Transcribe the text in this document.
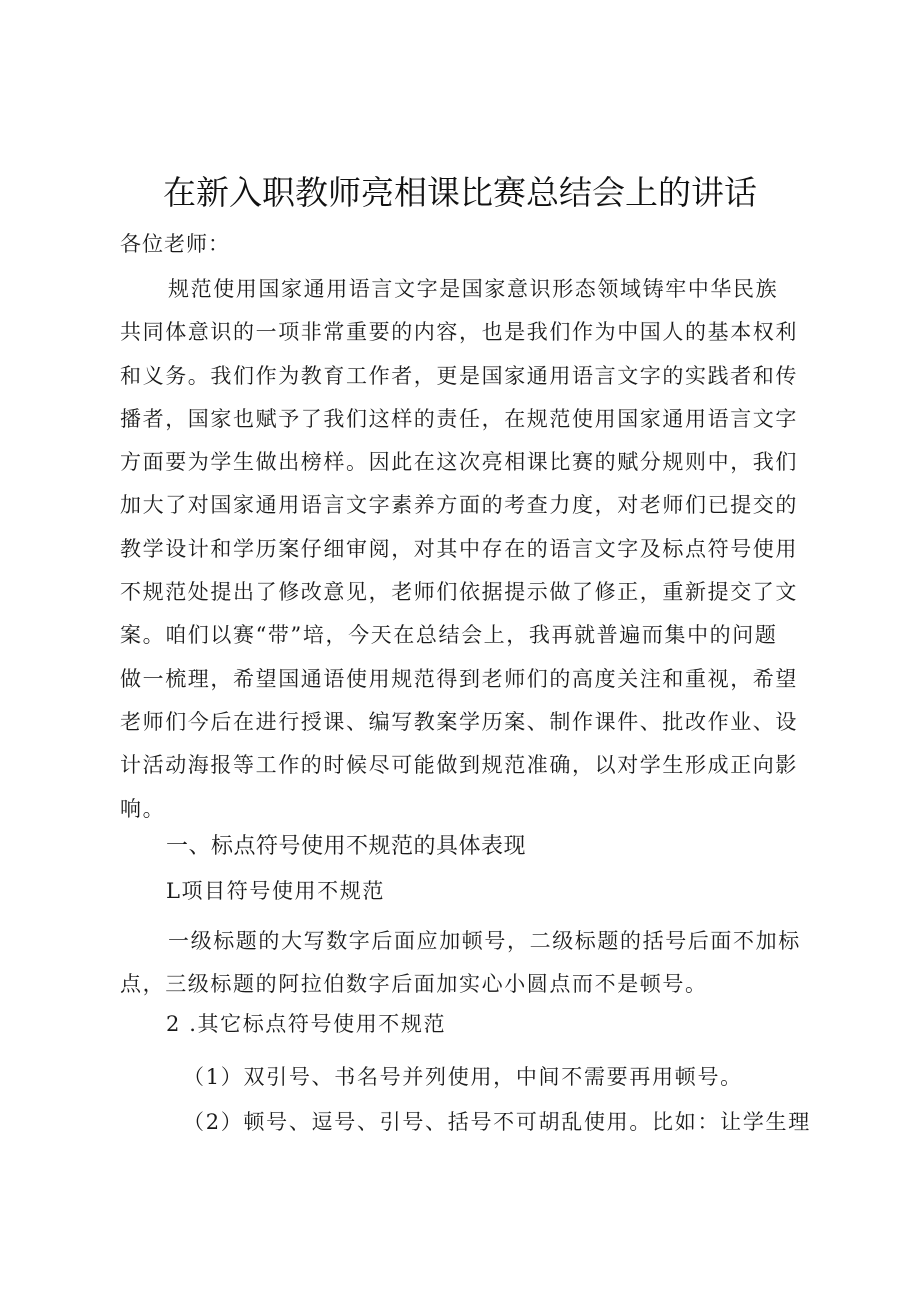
在新入职教师亮相课比赛总结会上的讲话
各位老师：
规范使用国家通用语言文字是国家意识形态领域铸牢中华民族
共同体意识的一项非常重要的内容，也是我们作为中国人的基本权利
和义务。我们作为教育工作者，更是国家通用语言文字的实践者和传
播者，国家也赋予了我们这样的责任，在规范使用国家通用语言文字
方面要为学生做出榜样。因此在这次亮相课比赛的赋分规则中，我们
加大了对国家通用语言文字素养方面的考查力度，对老师们已提交的
教学设计和学历案仔细审阅，对其中存在的语言文字及标点符号使用
不规范处提出了修改意见，老师们依据提示做了修正，重新提交了文
案。咱们以赛“带”培，今天在总结会上，我再就普遍而集中的问题
做一梳理，希望国通语使用规范得到老师们的高度关注和重视，希望
老师们今后在进行授课、编写教案学历案、制作课件、批改作业、设
计活动海报等工作的时候尽可能做到规范准确，以对学生形成正向影
响。
一、标点符号使用不规范的具体表现
L项目符号使用不规范
一级标题的大写数字后面应加顿号，二级标题的括号后面不加标
点，三级标题的阿拉伯数字后面加实心小圆点而不是顿号。
2 .其它标点符号使用不规范
（1）双引号、书名号并列使用，中间不需要再用顿号。
（2）顿号、逗号、引号、括号不可胡乱使用。比如：让学生理
